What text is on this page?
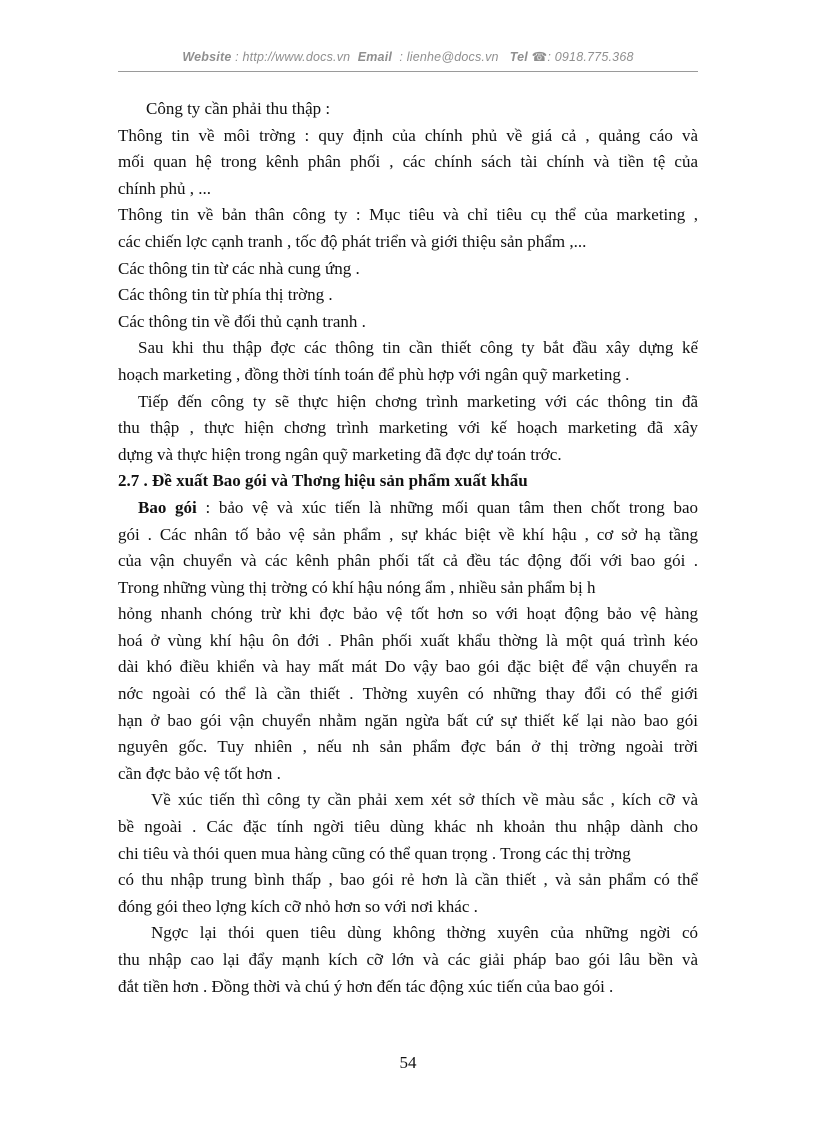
Website : http://www.docs.vn Email : lienhe@docs.vn Tel ☎: 0918.775.368
Công ty cần phải thu thập :
Thông tin về môi trờng : quy định của chính phủ về giá cả , quảng cáo và
mối quan hệ trong kênh phân phối , các chính sách tài chính và tiền tệ của
chính phủ , ...
Thông tin về bản thân công ty : Mục tiêu và chỉ tiêu cụ thể của marketing ,
các chiến lợc cạnh tranh , tốc độ phát triển và giới thiệu sản phẩm ,...
Các thông tin từ các nhà cung ứng .
Các thông tin từ phía thị trờng .
Các thông tin về đối thủ cạnh tranh .
Sau khi thu thập đợc các thông tin cần thiết công ty bắt đầu xây dựng kế
hoạch marketing , đồng thời tính toán để phù hợp với ngân quỹ marketing .
Tiếp đến công ty sẽ thực hiện chơng trình marketing với các thông tin đã
thu thập , thực hiện chơng trình marketing với kế hoạch marketing đã xây
dựng và thực hiện trong ngân quỹ marketing đã đợc dự toán trớc.
2.7 . Đề xuất Bao gói và Thơng hiệu sản phẩm xuất khẩu
Bao gói : bảo vệ và xúc tiến là những mối quan tâm then chốt trong bao
gói . Các nhân tố bảo vệ sản phẩm , sự khác biệt về khí hậu , cơ sở hạ tầng
của vận chuyển và các kênh phân phối tất cả đều tác động đối với bao gói .
Trong những vùng thị trờng có khí hậu nóng ẩm , nhiều sản phẩm bị h
hỏng nhanh chóng trừ khi đợc bảo vệ tốt hơn so với hoạt động bảo vệ hàng
hoá ở vùng khí hậu ôn đới . Phân phối xuất khẩu thờng là một quá trình kéo
dài khó điều khiển và hay mất mát Do vậy bao gói đặc biệt để vận chuyển ra
nớc ngoài có thể là cần thiết . Thờng xuyên có những thay đổi có thể giới
hạn ở bao gói vận chuyển nhằm ngăn ngừa bất cứ sự thiết kế lại nào bao gói
nguyên gốc. Tuy nhiên , nếu nh sản phẩm đợc bán ở thị trờng ngoài trời
cần đợc bảo vệ tốt hơn .
Về xúc tiến thì công ty cần phải xem xét sở thích về màu sắc , kích cỡ và
bề ngoài . Các đặc tính ngời tiêu dùng khác nh khoản thu nhập dành cho
chi tiêu và thói quen mua hàng cũng có thể quan trọng . Trong các thị trờng
có thu nhập trung bình thấp , bao gói rẻ hơn là cần thiết , và sản phẩm có thể
đóng gói theo lợng kích cỡ nhỏ hơn so với nơi khác .
Ngợc lại thói quen tiêu dùng không thờng xuyên của những ngời có
thu nhập cao lại đẩy mạnh kích cỡ lớn và các giải pháp bao gói lâu bền và
đắt tiền hơn . Đồng thời và chú ý hơn đến tác động xúc tiến của bao gói .
54
